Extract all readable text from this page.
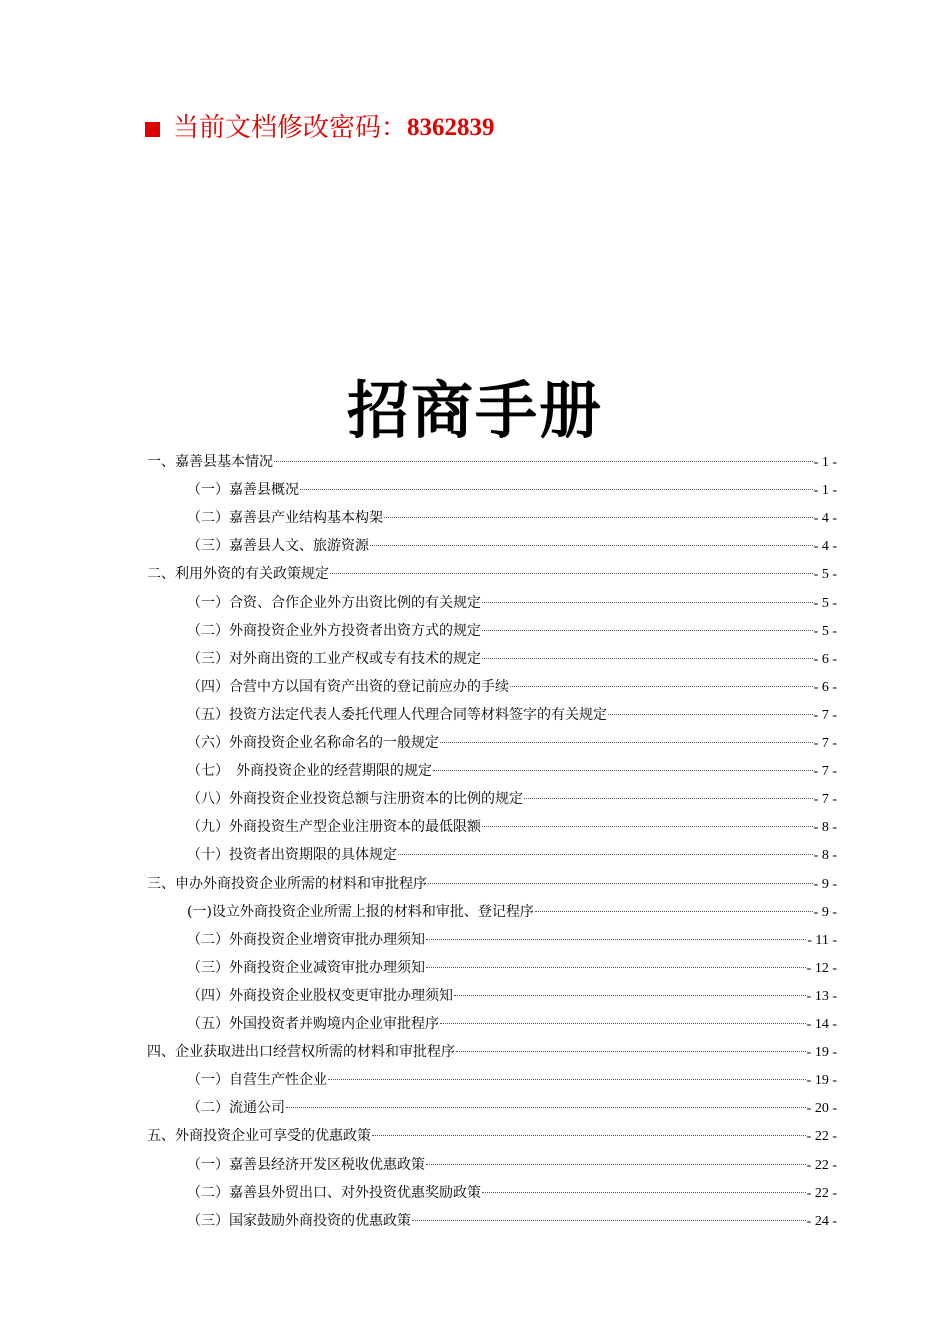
当前文档修改密码： 8362839
招商手册
一、嘉善县基本情况	- 1 -
（一）嘉善县概况	- 1 -
（二）嘉善县产业结构基本构架	- 4 -
（三）嘉善县人文、旅游资源	- 4 -
二、利用外资的有关政策规定	- 5 -
（一）合资、合作企业外方出资比例的有关规定	- 5 -
（二）外商投资企业外方投资者出资方式的规定	- 5 -
（三）对外商出资的工业产权或专有技术的规定	- 6 -
（四）合营中方以国有资产出资的登记前应办的手续	- 6 -
（五）投资方法定代表人委托代理人代理合同等材料签字的有关规定	- 7 -
（六）外商投资企业名称命名的一般规定	- 7 -
（七）　外商投资企业的经营期限的规定	- 7 -
（八）外商投资企业投资总额与注册资本的比例的规定	- 7 -
（九）外商投资生产型企业注册资本的最低限额	- 8 -
（十）投资者出资期限的具体规定	- 8 -
三、申办外商投资企业所需的材料和审批程序	- 9 -
(一)设立外商投资企业所需上报的材料和审批、登记程序	- 9 -
（二）外商投资企业增资审批办理须知	- 11 -
（三）外商投资企业减资审批办理须知	- 12 -
（四）外商投资企业股权变更审批办理须知	- 13 -
（五）外国投资者并购境内企业审批程序	- 14 -
四、企业获取进出口经营权所需的材料和审批程序	- 19 -
（一）自营生产性企业	- 19 -
（二）流通公司	- 20 -
五、外商投资企业可享受的优惠政策	- 22 -
（一）嘉善县经济开发区税收优惠政策	- 22 -
（二）嘉善县外贸出口、对外投资优惠奖励政策	- 22 -
（三）国家鼓励外商投资的优惠政策	- 24 -
